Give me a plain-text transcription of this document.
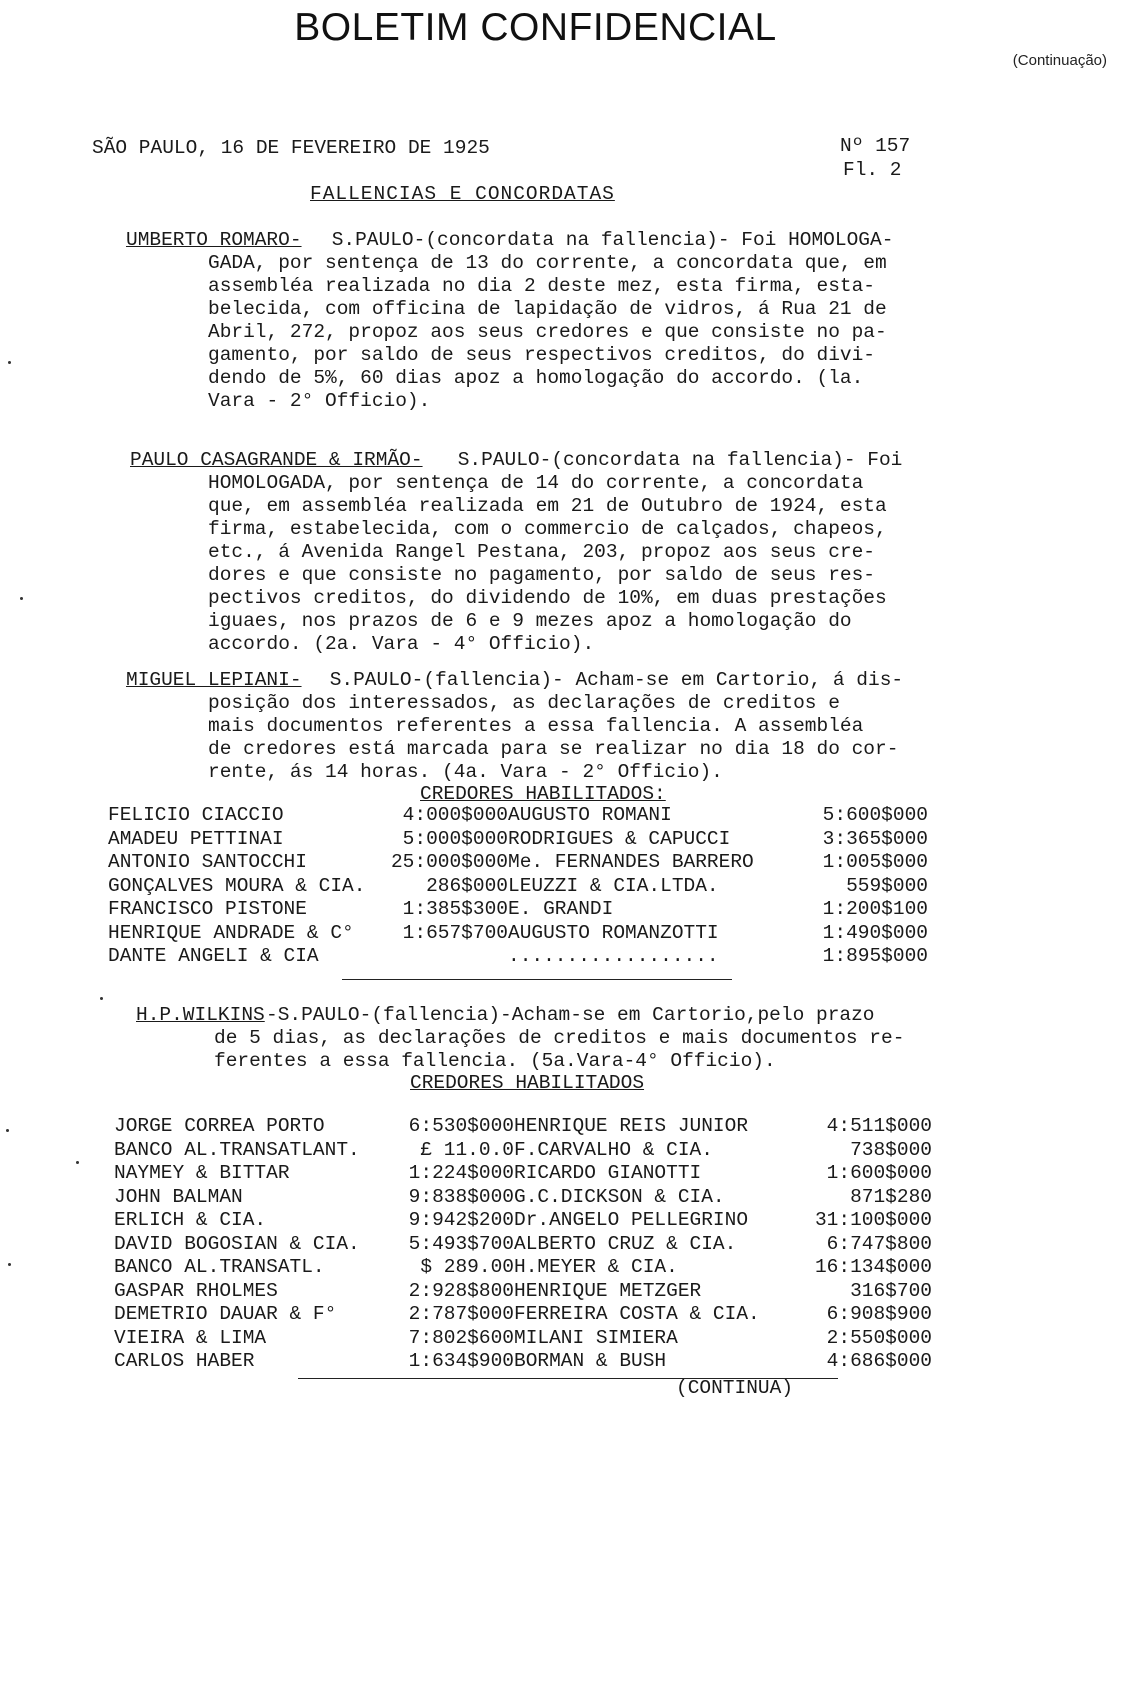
BOLETIM CONFIDENCIAL
(Continuação)
SÃO PAULO, 16 DE FEVEREIRO DE 1925	Nº 157
Fl. 2
FALLENCIAS E CONCORDATAS
UMBERTO ROMARO- S.PAULO-(concordata na fallencia)- Foi HOMOLOGA-
GADA, por sentença de 13 do corrente, a concordata que, em
assembléa realizada no dia 2 deste mez, esta firma, esta-
belecida, com officina de lapidação de vidros, á Rua 21 de
Abril, 272, propoz aos seus credores e que consiste no pa-
gamento, por saldo de seus respectivos creditos, do divi-
dendo de 5%, 60 dias apoz a homologação do accordo. (la.
Vara - 2° Officio).
PAULO CASAGRANDE & IRMÃO- S.PAULO-(concordata na fallencia)- Foi
HOMOLOGADA, por sentença de 14 do corrente, a concordata
que, em assembléa realizada em 21 de Outubro de 1924, esta
firma, estabelecida, com o commercio de calçados, chapeos,
etc., á Avenida Rangel Pestana, 203, propoz aos seus cre-
dores e que consiste no pagamento, por saldo de seus res-
pectivos creditos, do dividendo de 10%, em duas prestações
iguaes, nos prazos de 6 e 9 mezes apoz a homologação do
accordo. (2a. Vara - 4° Officio).
MIGUEL LEPIANI- S.PAULO-(fallencia)- Acham-se em Cartorio, á dis-
posição dos interessados, as declarações de creditos e
mais documentos referentes a essa fallencia. A assembléa
de credores está marcada para se realizar no dia 18 do cor-
rente, ás 14 horas. (4a. Vara - 2° Officio).
CREDORES HABILITADOS:
FELICIO CIACCIO	4:000$000	AUGUSTO ROMANI	5:600$000
AMADEU PETTINAI	5:000$000	RODRIGUES & CAPUCCI	3:365$000
ANTONIO SANTOCCHI	25:000$000	Me. FERNANDES BARRERO	1:005$000
GONÇALVES MOURA & CIA.	286$000	LEUZZI & CIA.LTDA.	559$000
FRANCISCO PISTONE	1:385$300	E. GRANDI	1:200$100
HENRIQUE ANDRADE & C°	1:657$700	AUGUSTO ROMANZOTTI	1:490$000
DANTE ANGELI & CIA		..................	1:895$000
H.P.WILKINS -S.PAULO-(fallencia)-Acham-se em Cartorio,pelo prazo
de 5 dias, as declarações de creditos e mais documentos re-
ferentes a essa fallencia. (5a.Vara-4° Officio).
CREDORES HABILITADOS
JORGE CORREA PORTO	6:530$000	HENRIQUE REIS JUNIOR	4:511$000
BANCO AL.TRANSATLANT.	£ 11.0.0	F.CARVALHO & CIA.	738$000
NAYMEY & BITTAR	1:224$000	RICARDO GIANOTTI	1:600$000
JOHN BALMAN	9:838$000	G.C.DICKSON & CIA.	871$280
ERLICH & CIA.	9:942$200	Dr.ANGELO PELLEGRINO	31:100$000
DAVID BOGOSIAN & CIA.	5:493$700	ALBERTO CRUZ & CIA.	6:747$800
BANCO AL.TRANSATL.	$ 289.00	H.MEYER & CIA.	16:134$000
GASPAR RHOLMES	2:928$800	HENRIQUE METZGER	316$700
DEMETRIO DAUAR & F°	2:787$000	FERREIRA COSTA & CIA.	6:908$900
VIEIRA & LIMA	7:802$600	MILANI SIMIERA	2:550$000
CARLOS HABER	1:634$900	BORMAN & BUSH	4:686$000
(CONTINUA)
